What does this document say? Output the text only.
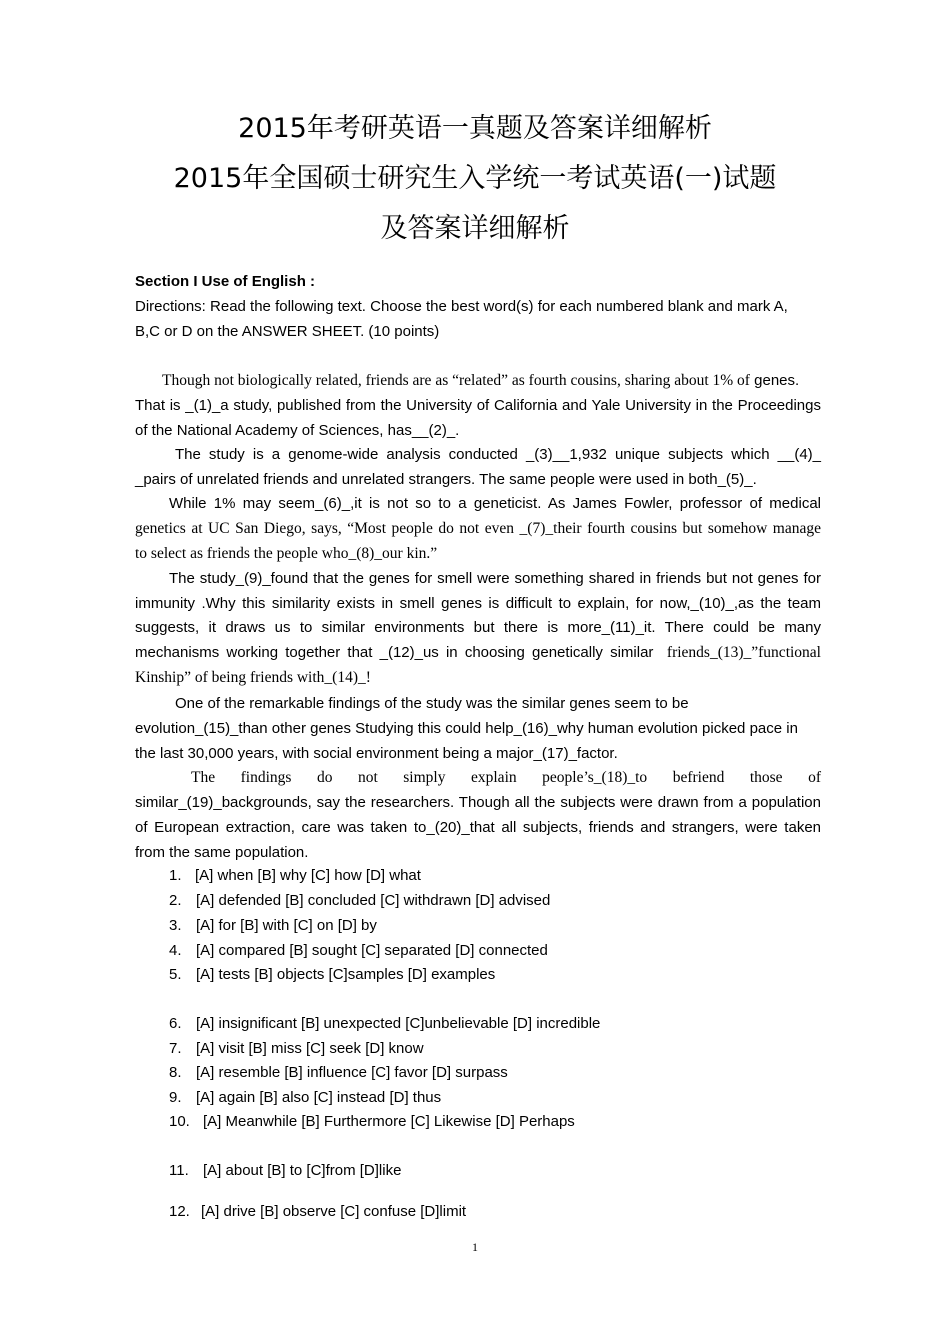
2015年考研英语一真题及答案详细解析
2015年全国硕士研究生入学统一考试英语(一)试题
及答案详细解析
Section I Use of English :
Directions: Read the following text. Choose the best word(s) for each numbered blank and mark A,
B,C or D on the ANSWER SHEET. (10 points)
Though not biologically related, friends are as “related” as fourth cousins, sharing about 1% of genes.
That is _(1)_a study, published from the University of California and Yale University in the Proceedings
of the National Academy of Sciences, has__(2)_.
The study is a genome-wide analysis conducted _(3)__1,932 unique subjects which __(4)_
_pairs of unrelated friends and unrelated strangers. The same people were used in both_(5)_.
While 1% may seem_(6)_,it is not so to a geneticist. As James Fowler, professor of medical
genetics at UC San Diego, says, “Most people do not even _(7)_their fourth cousins but somehow manage
to select as friends the people who_(8)_our kin.”
The study_(9)_found that the genes for smell were something shared in friends but not genes for
immunity .Why this similarity exists in smell genes is difficult to explain, for now,_(10)_,as the team
suggests, it draws us to similar environments but there is more_(11)_it. There could be many
mechanisms working together that _(12)_us in choosing genetically similar friends_(13)_”functional
Kinship” of being friends with_(14)_!
One of the remarkable findings of the study was the similar genes seem to be
evolution_(15)_than other genes Studying this could help_(16)_why human evolution picked pace in
the last 30,000 years, with social environment being a major_(17)_factor.
The findings do not simply explain people’s_(18)_to befriend those of
similar_(19)_backgrounds, say the researchers. Though all the subjects were drawn from a population
of European extraction, care was taken to_(20)_that all subjects, friends and strangers, were taken
from the same population.
1. [A] when [B] why [C] how [D] what
2. [A] defended [B] concluded [C] withdrawn [D] advised
3. [A] for [B] with [C] on [D] by
4. [A] compared [B] sought [C] separated [D] connected
5. [A] tests [B] objects [C]samples [D] examples
6. [A] insignificant [B] unexpected [C]unbelievable [D] incredible
7. [A] visit [B] miss [C] seek [D] know
8. [A] resemble [B] influence [C] favor [D] surpass
9. [A] again [B] also [C] instead [D] thus
10. [A] Meanwhile [B] Furthermore [C] Likewise [D] Perhaps
11. [A] about [B] to [C]from [D]like
12. [A] drive [B] observe [C] confuse [D]limit
1
